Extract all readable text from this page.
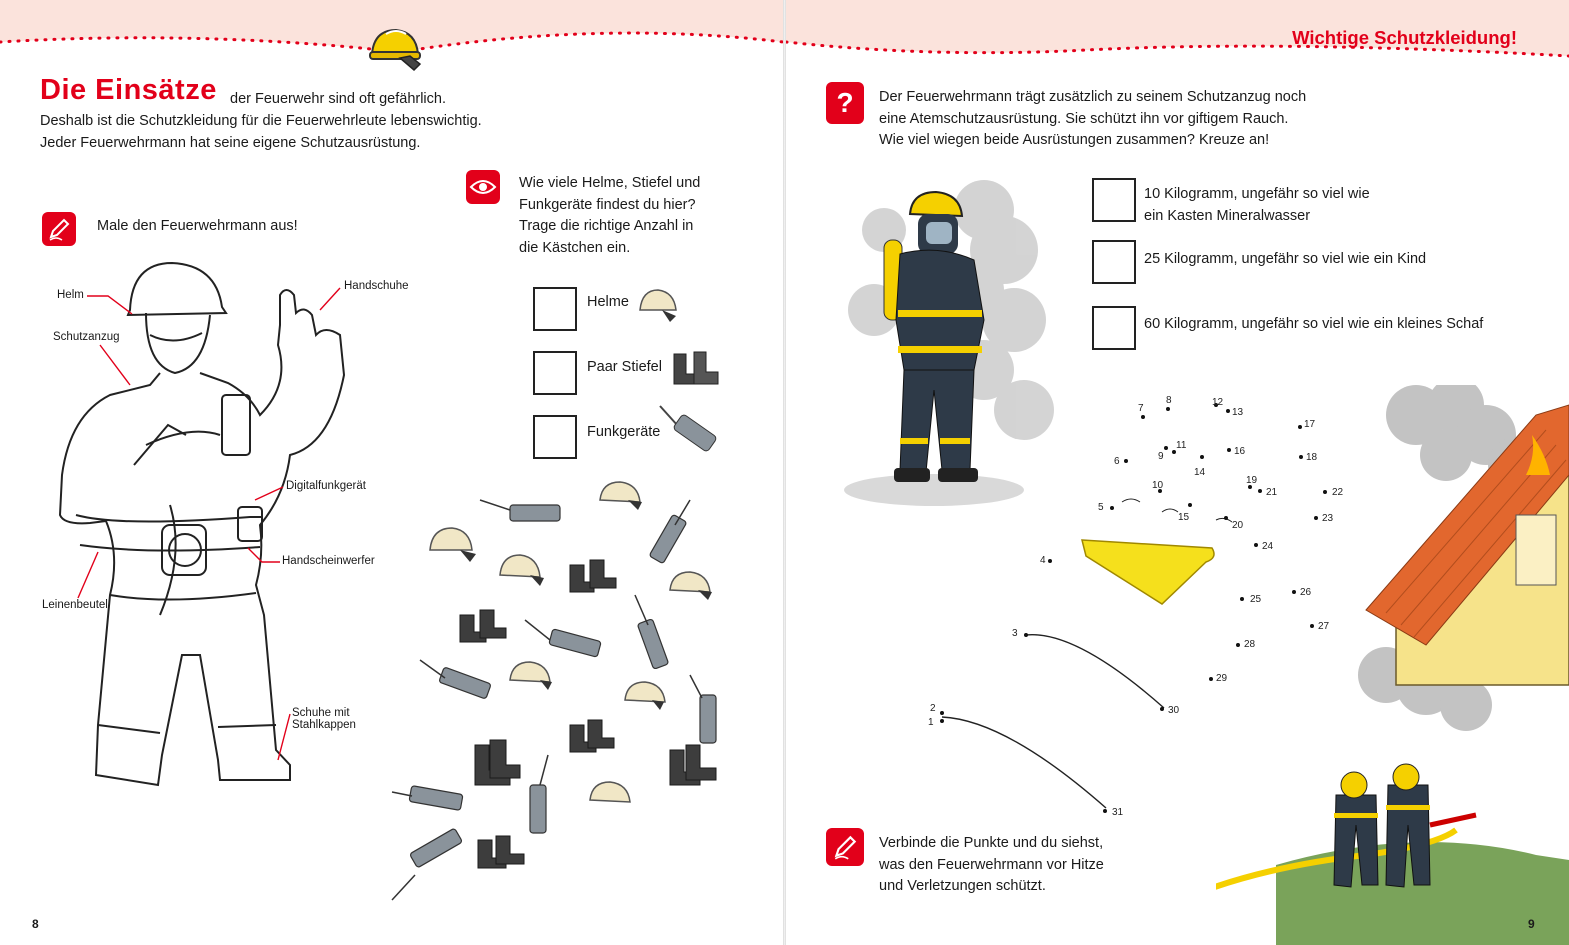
Die Einsätze der Feuerwehr sind oft gefährlich.
Deshalb ist die Schutzkleidung für die Feuerwehrleute lebenswichtig.
Jeder Feuerwehrmann hat seine eigene Schutzausrüstung.
Male den Feuerwehrmann aus!
Wie viele Helme, Stiefel und
Funkgeräte findest du hier?
Trage die richtige Anzahl in
die Kästchen ein.
Helme
Paar Stiefel
Funkgeräte
Helm
Schutzanzug
Handschuhe
Digitalfunkgerät
Handscheinwerfer
Leinenbeutel
Schuhe mit
Stahlkappen
8
Wichtige Schutzkleidung!
?	Der Feuerwehrmann trägt zusätzlich zu seinem Schutzanzug noch
eine Atemschutzausrüstung. Sie schützt ihn vor giftigem Rauch.
Wie viel wiegen beide Ausrüstungen zusammen? Kreuze an!
10 Kilogramm, ungefähr so viel wie
ein Kasten Mineralwasser
25 Kilogramm, ungefähr so viel wie ein Kind
60 Kilogramm, ungefähr so viel wie ein kleines Schaf
1
2
3
4
5
6
7
8
9
10
11
12
13
14
15
16
17
18
19
20
21	22
23
24
25
26
27
28
29
30
31
Verbinde die Punkte und du siehst,
was den Feuerwehrmann vor Hitze
und Verletzungen schützt.
9
